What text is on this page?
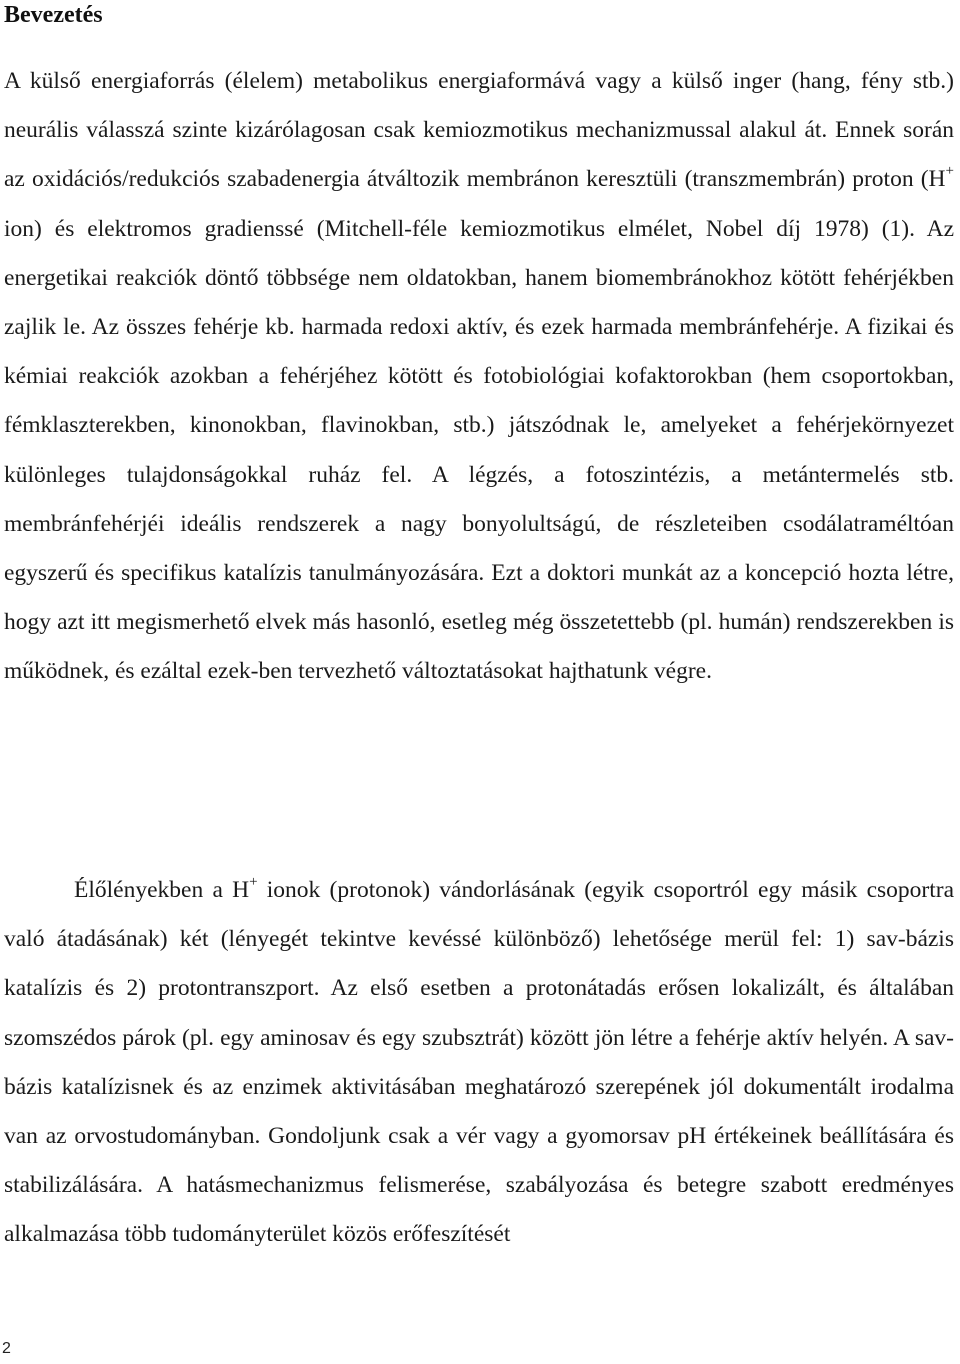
Bevezetés

A külső energiaforrás (élelem) metabolikus energiaformává vagy a külső inger (hang, fény stb.) neurális válasszá szinte kizárólagosan csak kemiozmotikus mechanizmussal alakul át. Ennek során az oxidációs/redukciós szabadenergia átváltozik membránon keresztüli (transzmembrán) proton (H+ ion) és elektromos gradienssé (Mitchell-féle kemiozmotikus elmélet, Nobel díj 1978) (1). Az energetikai reakciók döntő többsége nem oldatokban, hanem biomembránokhoz kötött fehérjékben zajlik le. Az összes fehérje kb. harmada redoxi aktív, és ezek harmada membránfehérje. A fizikai és kémiai reakciók azokban a fehérjéhez kötött és fotobiológiai kofaktorokban (hem csoportokban, fémklaszterekben, kinonokban, flavinokban, stb.) játszódnak le, amelyeket a fehérjekörnyezet különleges tulajdonságokkal ruház fel. A légzés, a fotoszintézis, a metántermelés stb. membránfehérjéi ideális rendszerek a nagy bonyolultságú, de részleteiben csodálatraméltóan egyszerű és specifikus katalízis tanulmányozására. Ezt a doktori munkát az a koncepció hozta létre, hogy azt itt megismerhető elvek más hasonló, esetleg még összetettebb (pl. humán) rendszerekben is működnek, és ezáltal ezek-ben tervezhető változtatásokat hajthatunk végre.

Élőlényekben a H+ ionok (protonok) vándorlásának (egyik csoportról egy másik csoportra való átadásának) két (lényegét tekintve kevéssé különböző) lehetősége merül fel: 1) sav-bázis katalízis és 2) protontranszport. Az első esetben a protonátadás erősen lokalizált, és általában szomszédos párok (pl. egy aminosav és egy szubsztrát) között jön létre a fehérje aktív helyén. A sav-bázis katalízisnek és az enzimek aktivitásában meghatározó szerepének jól dokumentált irodalma van az orvostudományban. Gondoljunk csak a vér vagy a gyomorsav pH értékeinek beállítására és stabilizálására. A hatásmechanizmus felismerése, szabályozása és betegre szabott eredményes alkalmazása több tudományterület közös erőfeszítését

2
